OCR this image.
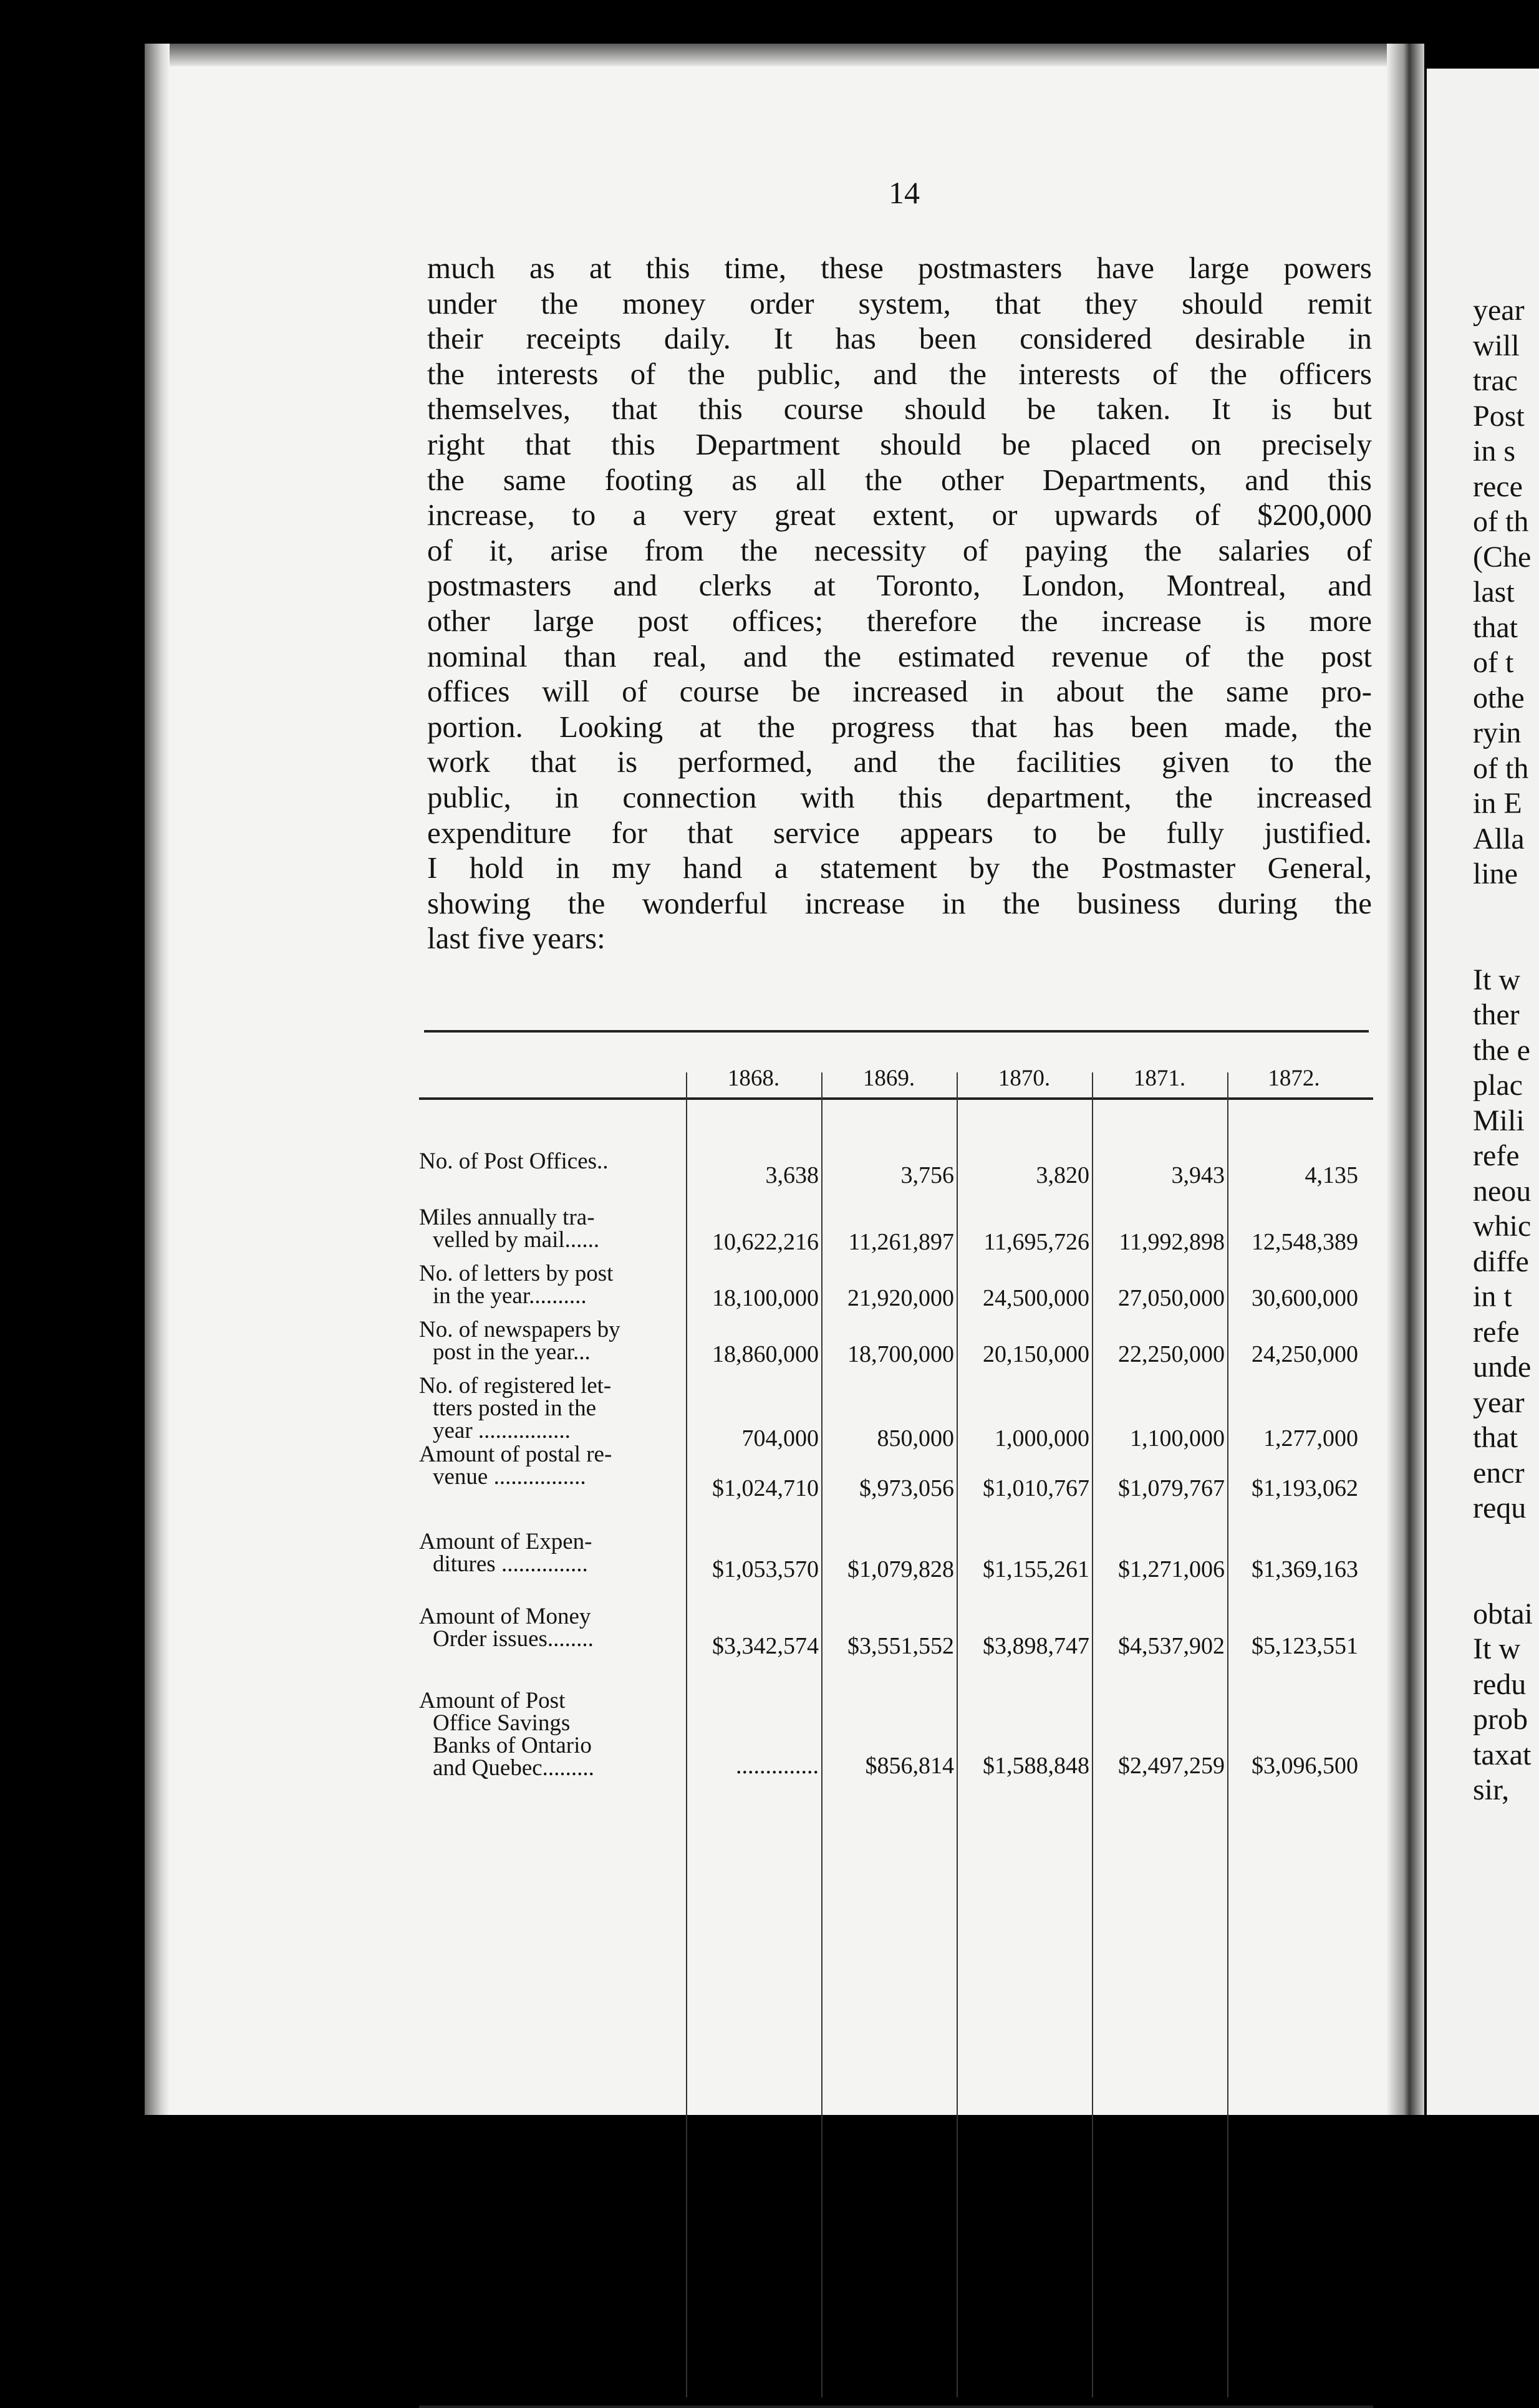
14
much as at this time, these postmasters have large powers
under the money order system, that they should remit
their receipts daily. It has been considered desirable in
the interests of the public, and the interests of the officers
themselves, that this course should be taken. It is but
right that this Department should be placed on precisely
the same footing as all the other Departments, and this
increase, to a very great extent, or upwards of $200,000
of it, arise from the necessity of paying the salaries of
postmasters and clerks at Toronto, London, Montreal, and
other large post offices; therefore the increase is more
nominal than real, and the estimated revenue of the post
offices will of course be increased in about the same pro-
portion. Looking at the progress that has been made, the
work that is performed, and the facilities given to the
public, in connection with this department, the increased
expenditure for that service appears to be fully justified.
I hold in my hand a statement by the Postmaster General,
showing the wonderful increase in the business during the
last five years:
1868.	1869.	1870.	1871.	1872.
No. of Post Offices..
3,638	3,756	3,820	3,943	4,135
Miles annually tra-
velled by mail......	10,622,216	11,261,897	11,695,726	11,992,898	12,548,389
No. of letters by post
in the year..........	18,100,000	21,920,000	24,500,000	27,050,000	30,600,000
No. of newspapers by
post in the year...	18,860,000	18,700,000	20,150,000	22,250,000	24,250,000
No. of registered let-
tters posted in the
year ................	704,000	850,000	1,000,000	1,100,000	1,277,000
Amount of postal re-
venue ................	$1,024,710	$,973,056	$1,010,767	$1,079,767	$1,193,062
Amount of Expen-
ditures ...............	$1,053,570	$1,079,828	$1,155,261	$1,271,006	$1,369,163
Amount of Money
Order issues........	$3,342,574	$3,551,552	$3,898,747	$4,537,902	$5,123,551
Amount of Post
Office Savings
Banks of Ontario
and Quebec.........	..............	$856,814	$1,588,848	$2,497,259	$3,096,500
year
will
trac
Post
in s
rece
of th
(Che
last
that
of t
othe
ryin
of th
in E
Alla
line
It w
ther
the e
plac
Mili
refe
neou
whic
diffe
in t
refe
unde
year
that
encr
requ
obtai
It w
redu
prob
taxat
sir,
